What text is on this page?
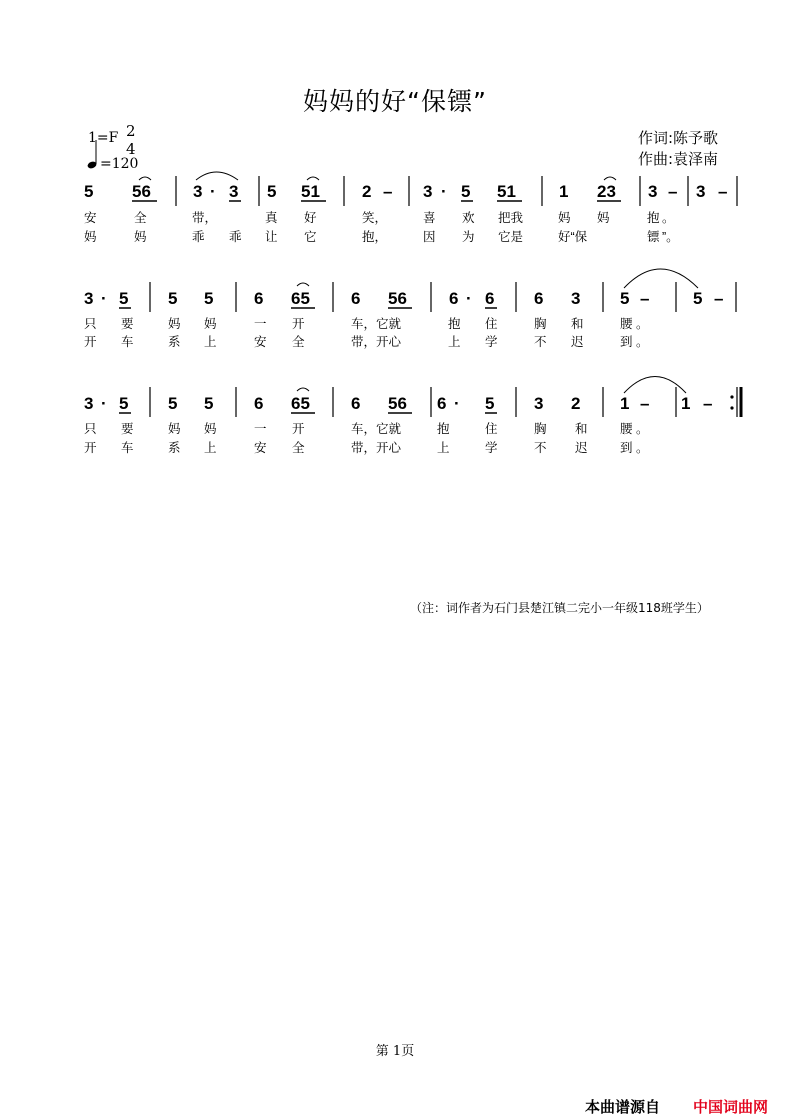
妈妈的好“保镖”
1=F 2
4
=120
作词:陈予歌
作曲:袁泽南
5 56 3 · 3 5 51 2 – 3 · 5 51	1 23 3 – 3 –
安	全	带，	真 好	笑，	喜 欢 把我	妈 妈	抱 。
妈	妈	乖 乖 让 它	抱，	因 为 它是	好“保	镖 ”。
3 · 5 5 5 6 65 6 56 6 · 6 6 3 5 –	5 –
只 要	妈 妈	一 开	车，它就	抱 住	胸 和	腰 。
开 车	系 上	安 全	带，开心	上 学	不 迟	到 。
3 · 5 5 5 6 65 6 56 6 · 5 3 2 1 – 1 –
只 要	妈 妈	一 开	车，它就	抱	住	胸 和	腰 。
开 车	系 上	安 全	带，开心	上	学	不 迟	到 。
（注：词作者为石门县楚江镇二完小一年级118班学生）
第 1页
本曲谱源自 中国词曲网
